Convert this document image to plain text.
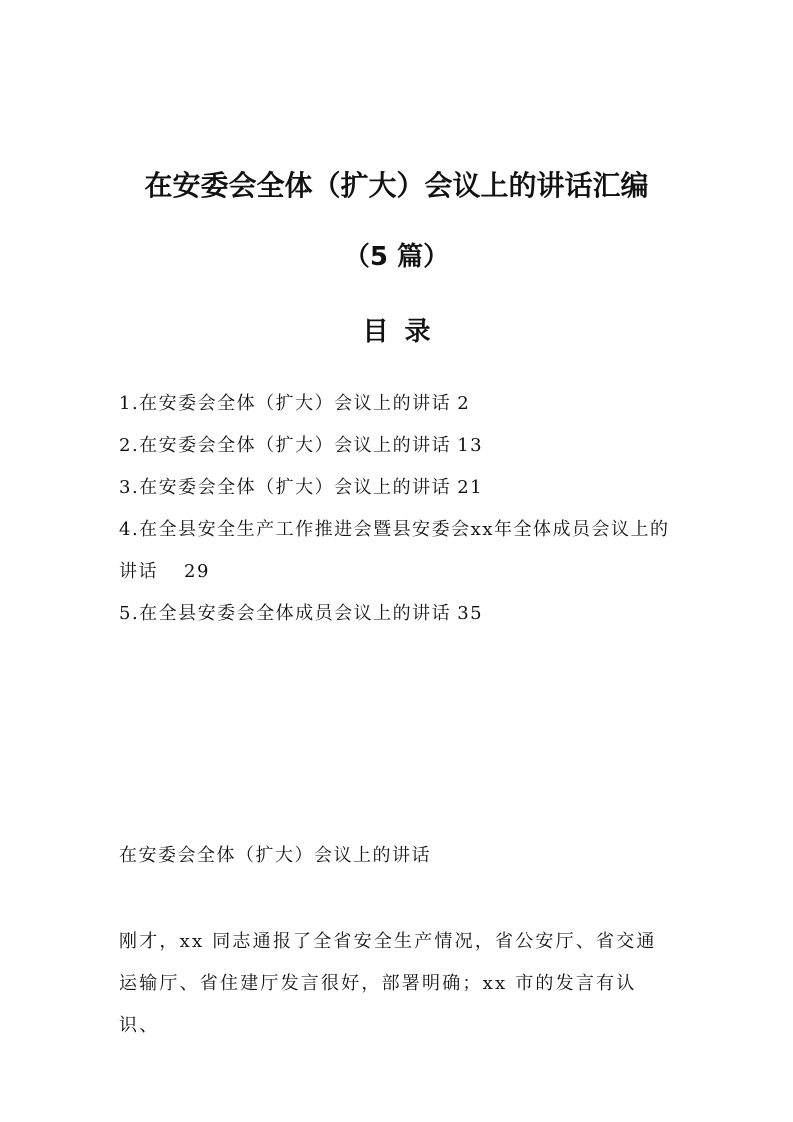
在安委会全体（扩大）会议上的讲话汇编
（5 篇）
目录
1.在安委会全体（扩大）会议上的讲话 2
2.在安委会全体（扩大）会议上的讲话 13
3.在安委会全体（扩大）会议上的讲话 21
4.在全县安全生产工作推进会暨县安委会xx年全体成员会议上的讲话 29
5.在全县安委会全体成员会议上的讲话 35
在安委会全体（扩大）会议上的讲话

刚才，xx 同志通报了全省安全生产情况，省公安厅、省交通运输厅、省住建厅发言很好，部署明确；xx 市的发言有认识、
